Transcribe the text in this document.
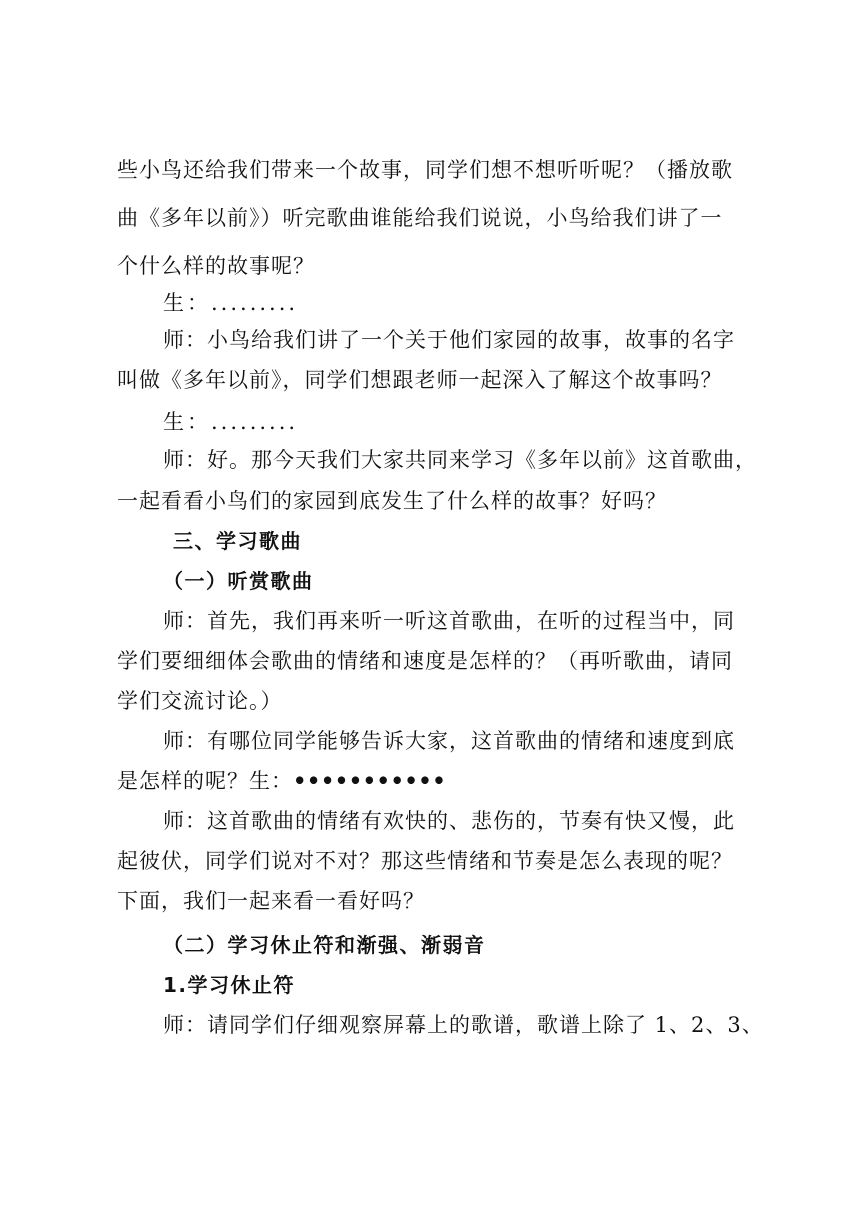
些小鸟还给我们带来一个故事，同学们想不想听听呢？（播放歌
曲《多年以前》）听完歌曲谁能给我们说说，小鸟给我们讲了一
个什么样的故事呢？
生：.........
师：小鸟给我们讲了一个关于他们家园的故事，故事的名字
叫做《多年以前》，同学们想跟老师一起深入了解这个故事吗？
生：.........
师：好。那今天我们大家共同来学习《多年以前》这首歌曲，
一起看看小鸟们的家园到底发生了什么样的故事？好吗？
三、学习歌曲
（一）听赏歌曲
师：首先，我们再来听一听这首歌曲，在听的过程当中，同
学们要细细体会歌曲的情绪和速度是怎样的？（再听歌曲，请同
学们交流讨论。）
师：有哪位同学能够告诉大家，这首歌曲的情绪和速度到底
是怎样的呢？生：•••••••••••
师：这首歌曲的情绪有欢快的、悲伤的，节奏有快又慢，此
起彼伏，同学们说对不对？那这些情绪和节奏是怎么表现的呢？
下面，我们一起来看一看好吗？
（二）学习休止符和渐强、渐弱音
1.学习休止符
师：请同学们仔细观察屏幕上的歌谱，歌谱上除了 1、2、3、
